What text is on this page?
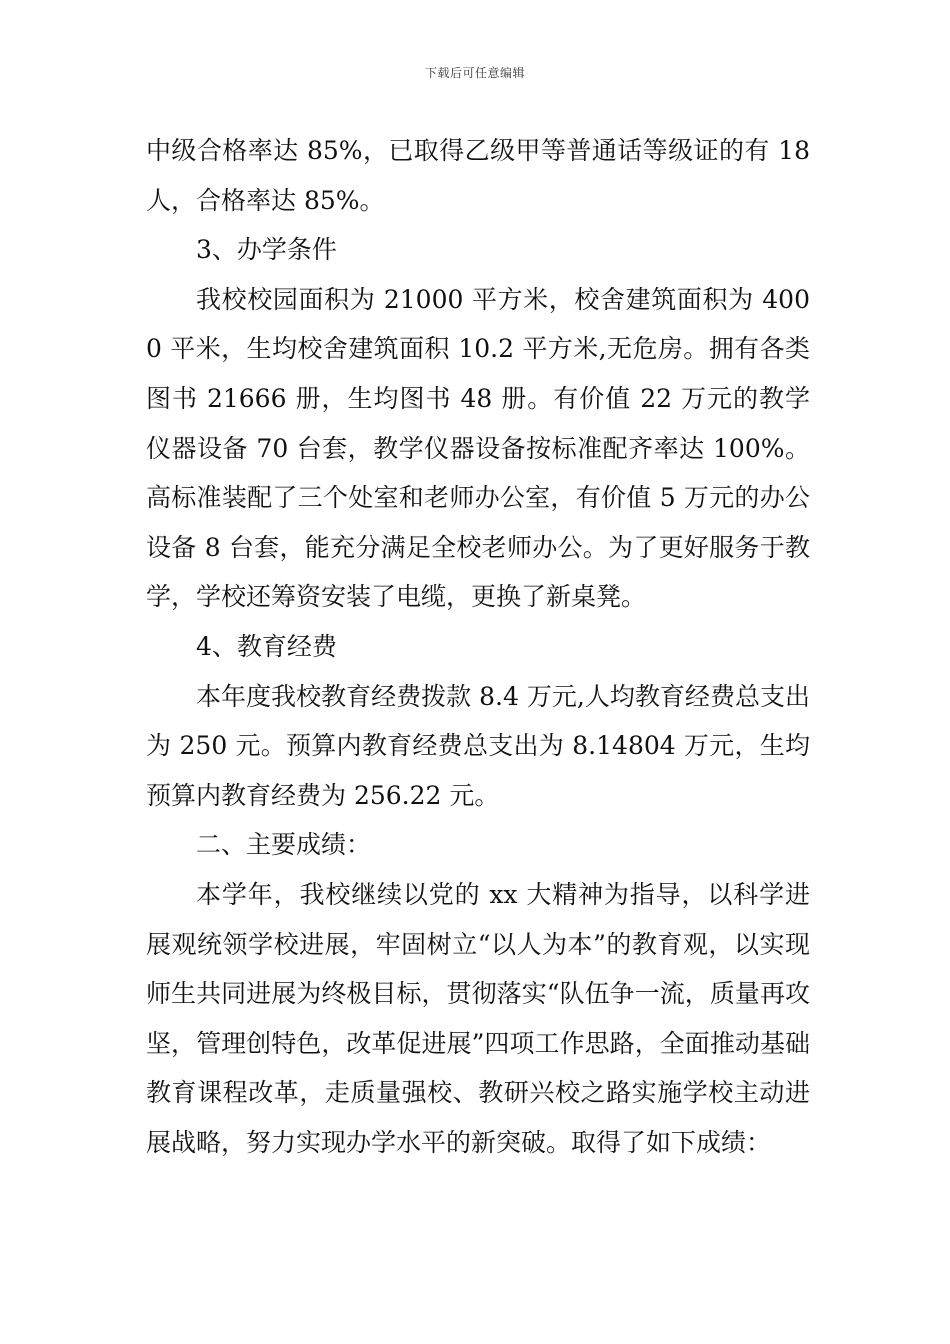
下载后可任意编辑

中级合格率达 85%，已取得乙级甲等普通话等级证的有 18 人，合格率达 85%。

3、办学条件

我校校园面积为 21000 平方米，校舍建筑面积为 4000 平米，生均校舍建筑面积 10.2 平方米,无危房。拥有各类图书 21666 册，生均图书 48 册。有价值 22 万元的教学仪器设备 70 台套，教学仪器设备按标准配齐率达 100%。高标准装配了三个处室和老师办公室，有价值 5 万元的办公设备 8 台套，能充分满足全校老师办公。为了更好服务于教学，学校还筹资安装了电缆，更换了新桌凳。

4、教育经费

本年度我校教育经费拨款 8.4 万元,人均教育经费总支出为 250 元。预算内教育经费总支出为 8.14804 万元，生均预算内教育经费为 256.22 元。

二、主要成绩：

本学年，我校继续以党的 xx 大精神为指导，以科学进展观统领学校进展，牢固树立“以人为本”的教育观，以实现师生共同进展为终极目标，贯彻落实“队伍争一流，质量再攻坚，管理创特色，改革促进展”四项工作思路，全面推动基础教育课程改革，走质量强校、教研兴校之路实施学校主动进展战略，努力实现办学水平的新突破。取得了如下成绩：
